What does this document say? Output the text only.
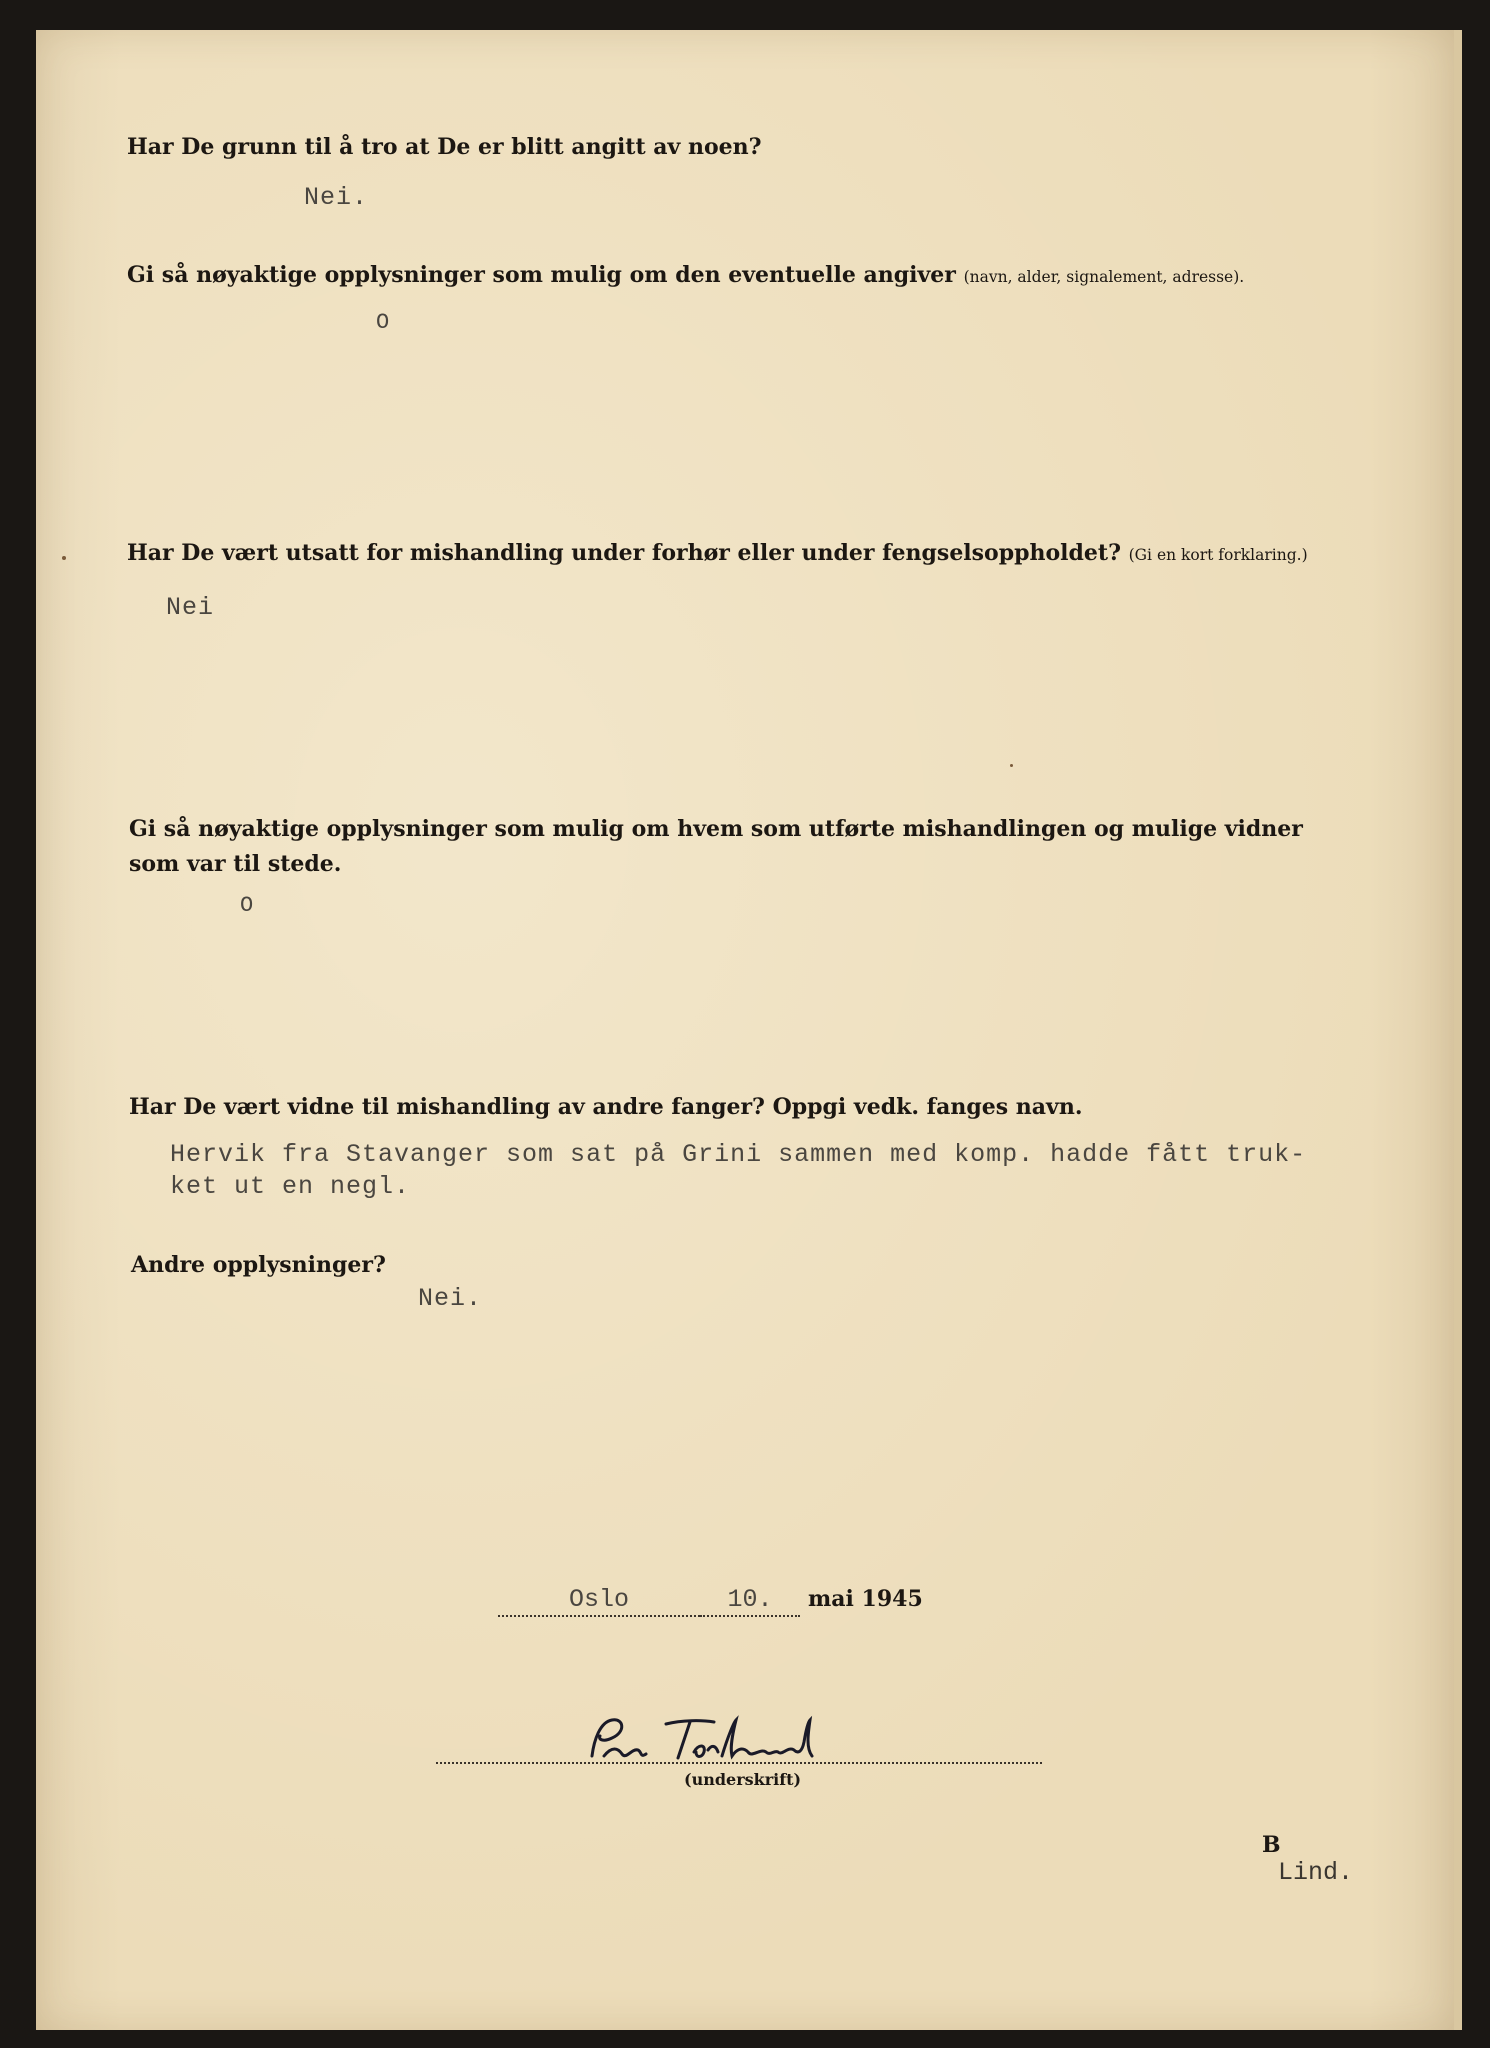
Har De grunn til å tro at De er blitt angitt av noen?
Nei.
Gi så nøyaktige opplysninger som mulig om den eventuelle angiver (navn, alder, signalement, adresse).
O
Har De vært utsatt for mishandling under forhør eller under fengselsoppholdet? (Gi en kort forklaring.)
Nei
Gi så nøyaktige opplysninger som mulig om hvem som utførte mishandlingen og mulige vidner
som var til stede.
O
Har De vært vidne til mishandling av andre fanger? Oppgi vedk. fanges navn.
Hervik fra Stavanger som sat på Grini sammen med komp. hadde fått truk-
ket ut en negl.
Andre opplysninger?
Nei.
Oslo	10. mai 1945
(underskrift)
B
Lind.
